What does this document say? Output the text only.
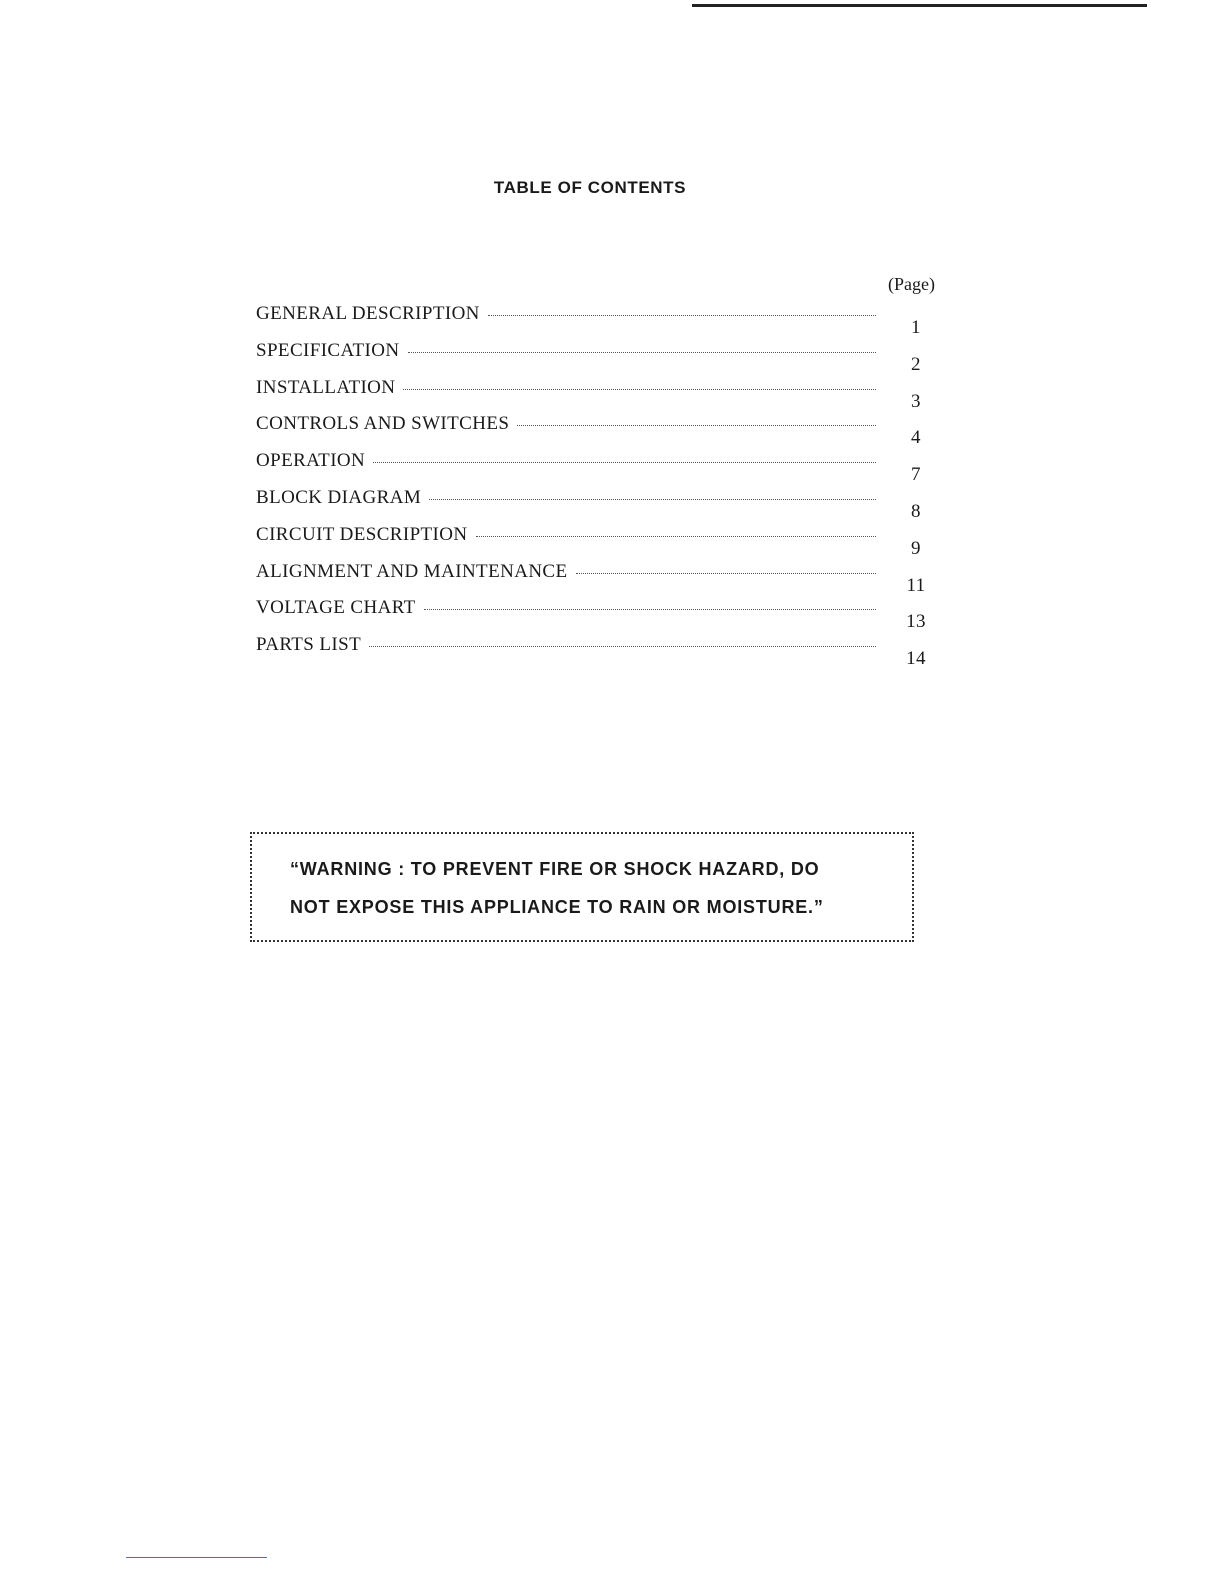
TABLE OF CONTENTS
(Page)
GENERAL DESCRIPTION
1
SPECIFICATION
2
INSTALLATION
3
CONTROLS AND SWITCHES
4
OPERATION
7
BLOCK DIAGRAM
8
CIRCUIT DESCRIPTION
9
ALIGNMENT AND MAINTENANCE
11
VOLTAGE CHART
13
PARTS LIST
14

“WARNING : TO PREVENT FIRE OR SHOCK HAZARD, DO

NOT EXPOSE THIS APPLIANCE TO RAIN OR MOISTURE.”
